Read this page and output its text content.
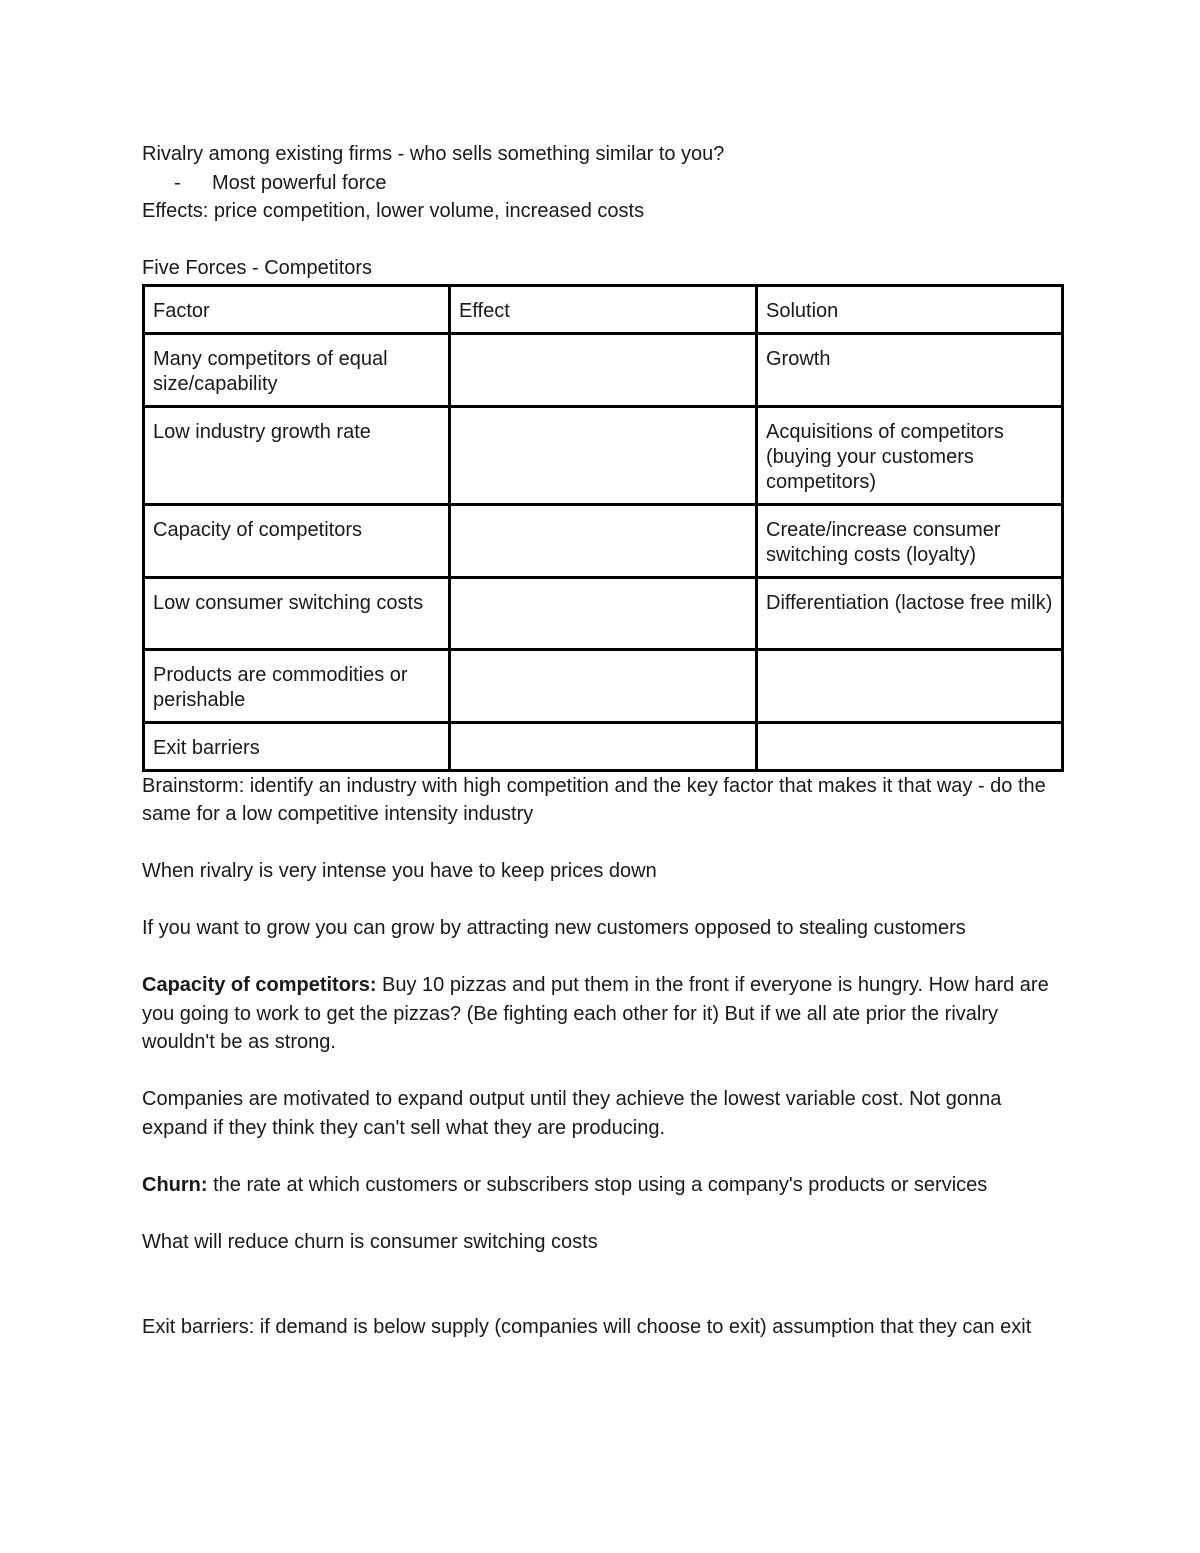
Rivalry among existing firms - who sells something similar to you?

- Most powerful force

Effects: price competition, lower volume, increased costs

Five Forces - Competitors

Factor	Effect	Solution
Many competitors of equal size/capability		Growth
Low industry growth rate		Acquisitions of competitors (buying your customers competitors)
Capacity of competitors		Create/increase consumer switching costs (loyalty)
Low consumer switching costs		Differentiation (lactose free milk)
Products are commodities or perishable		
Exit barriers		

Brainstorm: identify an industry with high competition and the key factor that makes it that way - do the same for a low competitive intensity industry

When rivalry is very intense you have to keep prices down

If you want to grow you can grow by attracting new customers opposed to stealing customers

Capacity of competitors: Buy 10 pizzas and put them in the front if everyone is hungry. How hard are you going to work to get the pizzas? (Be fighting each other for it) But if we all ate prior the rivalry wouldn't be as strong.

Companies are motivated to expand output until they achieve the lowest variable cost. Not gonna expand if they think they can't sell what they are producing.

Churn: the rate at which customers or subscribers stop using a company's products or services

What will reduce churn is consumer switching costs

Exit barriers: if demand is below supply (companies will choose to exit) assumption that they can exit
